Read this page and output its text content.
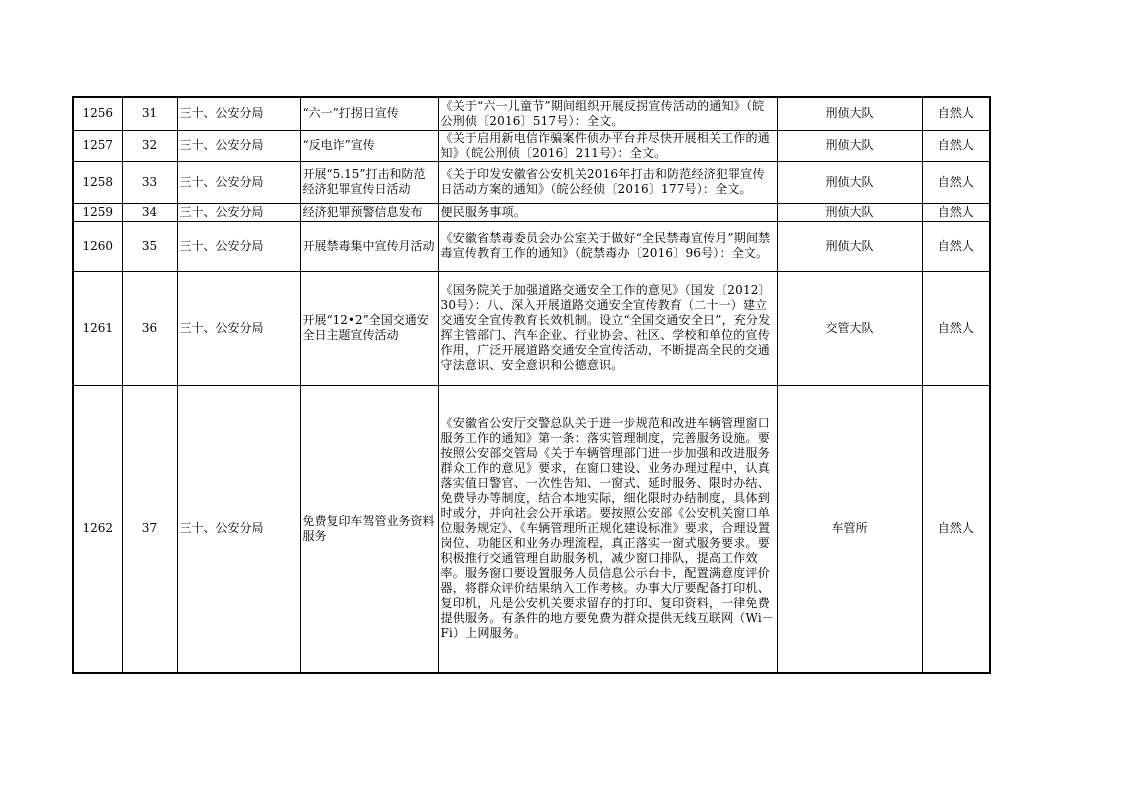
1256	31	三十、公安分局	“六一”打拐日宣传	《关于“六一儿童节”期间组织开展反拐宣传活动的通知》（皖公刑侦〔2016〕517号）：全文。	刑侦大队	自然人
1257	32	三十、公安分局	“反电诈”宣传	《关于启用新电信诈骗案件侦办平台并尽快开展相关工作的通知》（皖公刑侦〔2016〕211号）：全文。	刑侦大队	自然人
1258	33	三十、公安分局	开展“5.15”打击和防范经济犯罪宣传日活动	《关于印发安徽省公安机关2016年打击和防范经济犯罪宣传日活动方案的通知》（皖公经侦〔2016〕177号）：全文。	刑侦大队	自然人
1259	34	三十、公安分局	经济犯罪预警信息发布	便民服务事项。	刑侦大队	自然人
1260	35	三十、公安分局	开展禁毒集中宣传月活动	《安徽省禁毒委员会办公室关于做好“全民禁毒宣传月”期间禁毒宣传教育工作的通知》（皖禁毒办〔2016〕96号）：全文。	刑侦大队	自然人
1261	36	三十、公安分局	开展“12•2”全国交通安全日主题宣传活动	《国务院关于加强道路交通安全工作的意见》（国发〔2012〕30号）：八、深入开展道路交通安全宣传教育（二十一）建立交通安全宣传教育长效机制。设立“全国交通安全日”，充分发挥主管部门、汽车企业、行业协会、社区、学校和单位的宣传作用，广泛开展道路交通安全宣传活动，不断提高全民的交通守法意识、安全意识和公德意识。	交管大队	自然人
1262	37	三十、公安分局	免费复印车驾管业务资料服务	《安徽省公安厅交警总队关于进一步规范和改进车辆管理窗口服务工作的通知》第一条：落实管理制度，完善服务设施。要按照公安部交管局《关于车辆管理部门进一步加强和改进服务群众工作的意见》要求，在窗口建设、业务办理过程中，认真落实值日警官、一次性告知、一窗式、延时服务、限时办结、免费导办等制度，结合本地实际，细化限时办结制度，具体到时或分，并向社会公开承诺。要按照公安部《公安机关窗口单位服务规定》、《车辆管理所正规化建设标准》要求，合理设置岗位、功能区和业务办理流程，真正落实一窗式服务要求。要积极推行交通管理自助服务机，减少窗口排队，提高工作效率。服务窗口要设置服务人员信息公示台卡，配置满意度评价器，将群众评价结果纳入工作考核。办事大厅要配备打印机、复印机，凡是公安机关要求留存的打印、复印资料，一律免费提供服务。有条件的地方要免费为群众提供无线互联网（Wi－Fi）上网服务。	车管所	自然人
